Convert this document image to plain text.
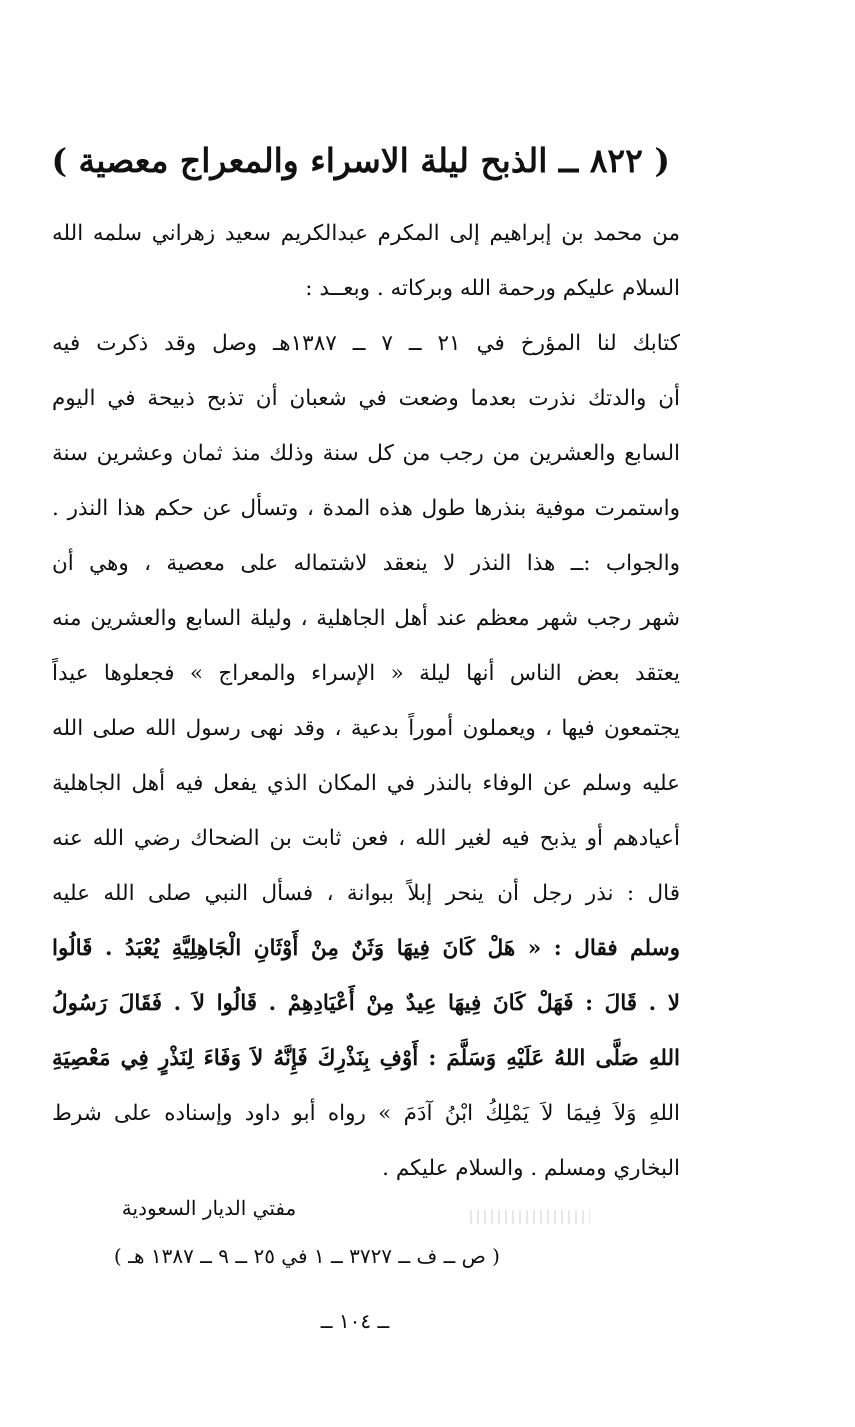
( ٨٢٢ ــ الذبح ليلة الاسراء والمعراج معصية )
من محمد بن إبراهيم إلى المكرم عبدالكريم سعيد زهراني سلمه الله
السلام عليكم ورحمة الله وبركاته . وبعــد :
كتابك لنا المؤرخ في ٢١ ــ ٧ ــ ١٣٨٧هـ وصل وقد ذكرت فيه
أن والدتك نذرت بعدما وضعت في شعبان أن تذبح ذبيحة في اليوم
السابع والعشرين من رجب من كل سنة وذلك منذ ثمان وعشرين سنة
واستمرت موفية بنذرها طول هذه المدة ، وتسأل عن حكم هذا النذر .
والجواب :ــ هذا النذر لا ينعقد لاشتماله على معصية ، وهي أن
شهر رجب شهر معظم عند أهل الجاهلية ، وليلة السابع والعشرين منه
يعتقد بعض الناس أنها ليلة « الإسراء والمعراج » فجعلوها عيداً
يجتمعون فيها ، ويعملون أموراً بدعية ، وقد نهى رسول الله صلى الله
عليه وسلم عن الوفاء بالنذر في المكان الذي يفعل فيه أهل الجاهلية
أعيادهم أو يذبح فيه لغير الله ، فعن ثابت بن الضحاك رضي الله عنه
قال : نذر رجل أن ينحر إبلاً ببوانة ، فسأل النبي صلى الله عليه
وسلم فقال : « هَلْ كَانَ فِيهَا وَثَنٌ مِنْ أَوْثَانِ الْجَاهِلِيَّةِ يُعْبَدُ . قَالُوا
لا . قَالَ : فَهَلْ كَانَ فِيهَا عِيدٌ مِنْ أَعْيَادِهِمْ . قَالُوا لاَ . فَقَالَ رَسُولُ
اللهِ صَلَّى اللهُ عَلَيْهِ وَسَلَّمَ : أَوْفِ بِنَذْرِكَ فَإِنَّهُ لاَ وَفَاءَ لِنَذْرٍ فِي مَعْصِيَةِ
اللهِ وَلاَ فِيمَا لاَ يَمْلِكُ ابْنُ آدَمَ » رواه أبو داود وإسناده على شرط
البخاري ومسلم . والسلام عليكم .
مفتي الديار السعودية
( ص ــ ف ــ ٣٧٢٧ ــ ١ في ٢٥ ــ ٩ ــ ١٣٨٧ هـ )
ــ ١٠٤ ــ
